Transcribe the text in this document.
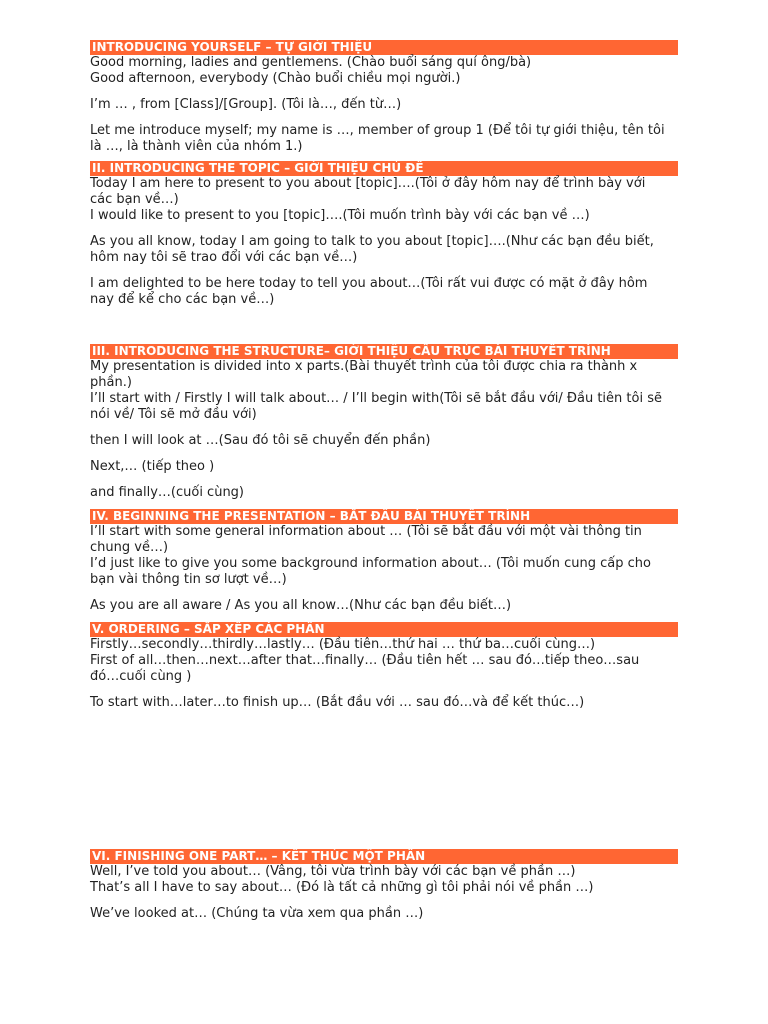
INTRODUCING YOURSELF – TỰ GIỚI THIỆU

Good morning, ladies and gentlemens. (Chào buổi sáng quí ông/bà)

Good afternoon, everybody (Chào buổi chiều mọi người.)

I’m … , from [Class]/[Group]. (Tôi là…, đến từ…)

Let me introduce myself; my name is …, member of group 1 (Để tôi tự giới thiệu, tên tôi

là …, là thành viên của nhóm 1.)

II. INTRODUCING THE TOPIC – GIỚI THIỆU CHỦ ĐỀ

Today I am here to present to you about [topic]….(Tôi ở đây hôm nay để trình bày với

các bạn về…)

I would like to present to you [topic]….(Tôi muốn trình bày với các bạn về …)

As you all know, today I am going to talk to you about [topic]….(Như các bạn đều biết,

hôm nay tôi sẽ trao đổi với các bạn về…)

I am delighted to be here today to tell you about…(Tôi rất vui được có mặt ở đây hôm

nay để kể cho các bạn về…)

III. INTRODUCING THE STRUCTURE– GIỚI THIỆU CẤU TRÚC BÀI THUYẾT TRÌNH

My presentation is divided into x parts.(Bài thuyết trình của tôi được chia ra thành x

phần.)

I’ll start with / Firstly I will talk about… / I’ll begin with(Tôi sẽ bắt đầu với/ Đầu tiên tôi sẽ

nói về/ Tôi sẽ mở đầu với)

then I will look at …(Sau đó tôi sẽ chuyển đến phần)

Next,… (tiếp theo )

and finally…(cuối cùng)

IV. BEGINNING THE PRESENTATION – BẮT ĐẦU BÀI THUYẾT TRÌNH

I’ll start with some general information about … (Tôi sẽ bắt đầu với một vài thông tin

chung về…)

I’d just like to give you some background information about… (Tôi muốn cung cấp cho

bạn vài thông tin sơ lượt về…)

As you are all aware / As you all know…(Như các bạn đều biết…)

V. ORDERING – SẮP XẾP CÁC PHẦN

Firstly…secondly…thirdly…lastly… (Đầu tiên…thứ hai … thứ ba…cuối cùng…)

First of all…then…next…after that…finally… (Đầu tiên hết … sau đó…tiếp theo…sau

đó…cuối cùng )

To start with…later…to finish up… (Bắt đầu với … sau đó…và để kết thúc…)

VI. FINISHING ONE PART… – KẾT THÚC MỘT PHẦN

Well, I’ve told you about… (Vâng, tôi vừa trình bày với các bạn về phần …)

That’s all I have to say about… (Đó là tất cả những gì tôi phải nói về phần …)

We’ve looked at… (Chúng ta vừa xem qua phần …)
